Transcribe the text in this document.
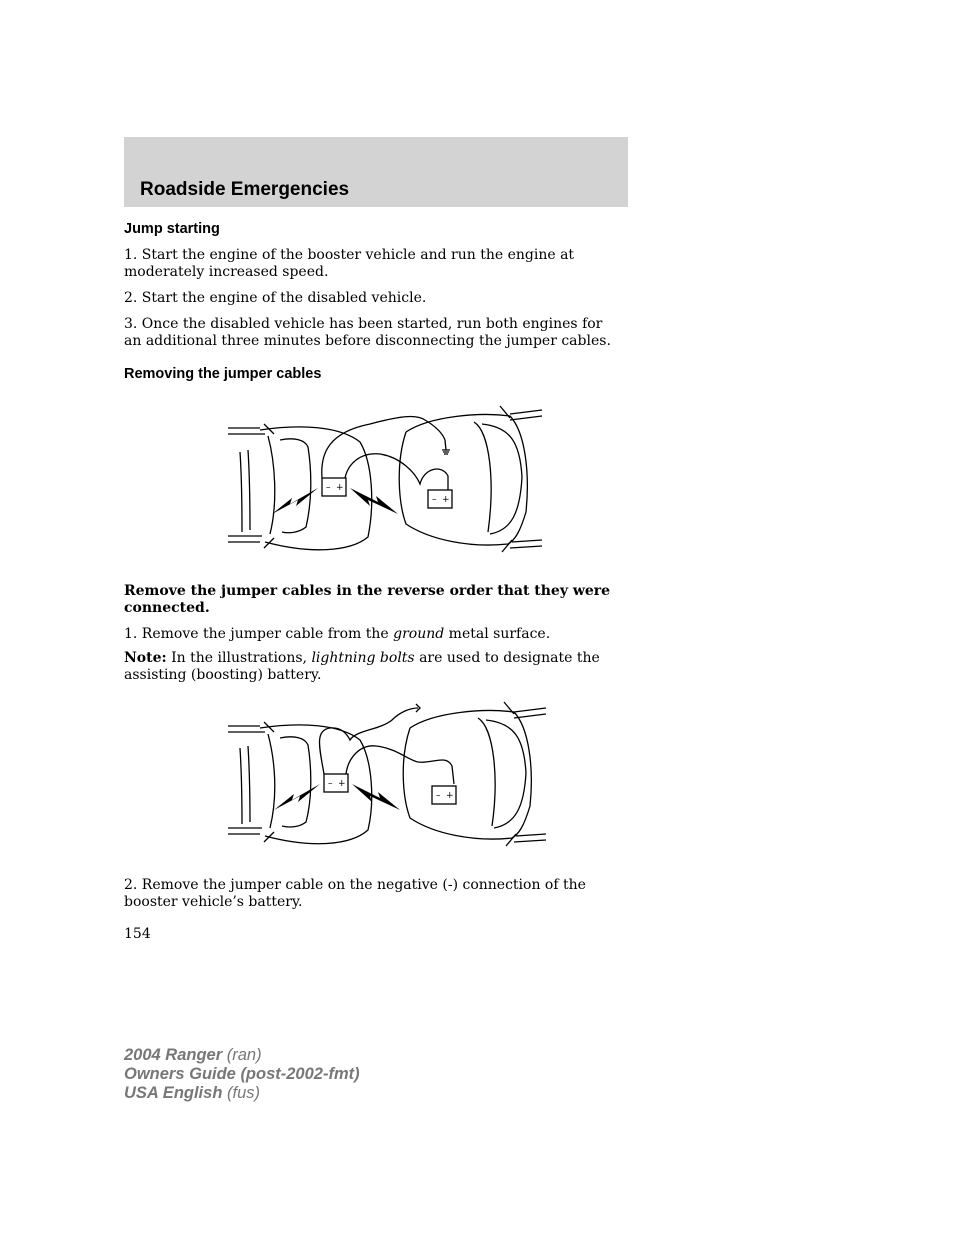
Roadside Emergencies
Jump starting

1. Start the engine of the booster vehicle and run the engine at moderately increased speed.

2. Start the engine of the disabled vehicle.

3. Once the disabled vehicle has been started, run both engines for an additional three minutes before disconnecting the jumper cables.

Removing the jumper cables
– +
– +

Remove the jumper cables in the reverse order that they were connected.

1. Remove the jumper cable from the ground metal surface.

Note: In the illustrations, lightning bolts are used to designate the assisting (boosting) battery.

– +
– +

2. Remove the jumper cable on the negative (-) connection of the booster vehicle’s battery.

154

2004 Ranger (ran)
Owners Guide (post-2002-fmt)
USA English (fus)
